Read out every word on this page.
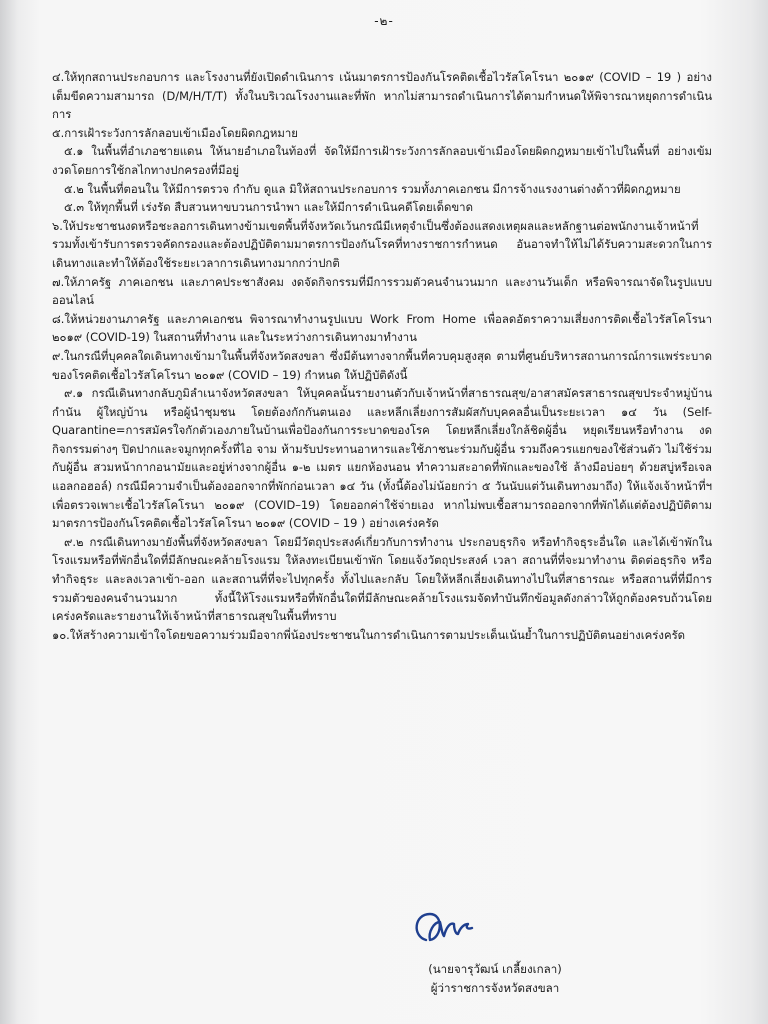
-๒-

๔.ให้ทุกสถานประกอบการ และโรงงานที่ยังเปิดดำเนินการ เน้นมาตรการป้องกันโรคติดเชื้อไวรัสโคโรนา ๒๐๑๙ (COVID – 19 ) อย่างเต็มขีดความสามารถ (D/M/H/T/T) ทั้งในบริเวณโรงงานและที่พัก หากไม่สามารถดำเนินการได้ตามกำหนดให้พิจารณาหยุดการดำเนินการ

๕.การเฝ้าระวังการลักลอบเข้าเมืองโดยผิดกฎหมาย

๕.๑ ในพื้นที่อำเภอชายแดน ให้นายอำเภอในท้องที่ จัดให้มีการเฝ้าระวังการลักลอบเข้าเมืองโดยผิดกฎหมายเข้าไปในพื้นที่ อย่างเข้มงวดโดยการใช้กลไกทางปกครองที่มีอยู่

๕.๒ ในพื้นที่ตอนใน ให้มีการตรวจ กำกับ ดูแล มิให้สถานประกอบการ รวมทั้งภาคเอกชน มีการจ้างแรงงานต่างด้าวที่ผิดกฎหมาย

๕.๓ ให้ทุกพื้นที่ เร่งรัด สืบสวนหาขบวนการนำพา และให้มีการดำเนินคดีโดยเด็ดขาด

๖.ให้ประชาชนงดหรือชะลอการเดินทางข้ามเขตพื้นที่จังหวัดเว้นกรณีมีเหตุจำเป็นซึ่งต้องแสดงเหตุผลและหลักฐานต่อพนักงานเจ้าหน้าที่ รวมทั้งเข้ารับการตรวจคัดกรองและต้องปฏิบัติตามมาตรการป้องกันโรคที่ทางราชการกำหนด อันอาจทำให้ไม่ได้รับความสะดวกในการเดินทางและทำให้ต้องใช้ระยะเวลาการเดินทางมากกว่าปกติ

๗.ให้ภาครัฐ ภาคเอกชน และภาคประชาสังคม งดจัดกิจกรรมที่มีการรวมตัวคนจำนวนมาก และงานวันเด็ก หรือพิจารณาจัดในรูปแบบออนไลน์

๘.ให้หน่วยงานภาครัฐ และภาคเอกชน พิจารณาทำงานรูปแบบ Work From Home เพื่อลดอัตราความเสี่ยงการติดเชื้อไวรัสโคโรนา ๒๐๑๙ (COVID-19) ในสถานที่ทำงาน และในระหว่างการเดินทางมาทำงาน

๙.ในกรณีที่บุคคลใดเดินทางเข้ามาในพื้นที่จังหวัดสงขลา ซึ่งมีต้นทางจากพื้นที่ควบคุมสูงสุด ตามที่ศูนย์บริหารสถานการณ์การแพร่ระบาดของโรคติดเชื้อไวรัสโคโรนา ๒๐๑๙ (COVID – 19) กำหนด ให้ปฏิบัติดังนี้

๙.๑ กรณีเดินทางกลับภูมิลำเนาจังหวัดสงขลา ให้บุคคลนั้นรายงานตัวกับเจ้าหน้าที่สาธารณสุข/อาสาสมัครสาธารณสุขประจำหมู่บ้าน กำนัน ผู้ใหญ่บ้าน หรือผู้นำชุมชน โดยต้องกักกันตนเอง และหลีกเลี่ยงการสัมผัสกับบุคคลอื่นเป็นระยะเวลา ๑๔ วัน (Self-Quarantine=การสมัครใจกักตัวเองภายในบ้านเพื่อป้องกันการระบาดของโรค โดยหลีกเลี่ยงใกล้ชิดผู้อื่น หยุดเรียนหรือทำงาน งดกิจกรรมต่างๆ ปิดปากและจมูกทุกครั้งที่ไอ จาม ห้ามรับประทานอาหารและใช้ภาชนะร่วมกับผู้อื่น รวมถึงควรแยกของใช้ส่วนตัว ไม่ใช้ร่วมกับผู้อื่น สวมหน้ากากอนามัยและอยู่ห่างจากผู้อื่น ๑-๒ เมตร แยกห้องนอน ทำความสะอาดที่พักและของใช้ ล้างมือบ่อยๆ ด้วยสบู่หรือเจลแอลกอฮอล์) กรณีมีความจำเป็นต้องออกจากที่พักก่อนเวลา ๑๔ วัน (ทั้งนี้ต้องไม่น้อยกว่า ๕ วันนับแต่วันเดินทางมาถึง) ให้แจ้งเจ้าหน้าที่ฯ เพื่อตรวจเพาะเชื้อไวรัสโคโรนา ๒๐๑๙ (COVID–19) โดยออกค่าใช้จ่ายเอง หากไม่พบเชื้อสามารถออกจากที่พักได้แต่ต้องปฏิบัติตามมาตรการป้องกันโรคติดเชื้อไวรัสโคโรนา ๒๐๑๙ (COVID – 19 ) อย่างเคร่งครัด

๙.๒ กรณีเดินทางมายังพื้นที่จังหวัดสงขลา โดยมีวัตถุประสงค์เกี่ยวกับการทำงาน ประกอบธุรกิจ หรือทำกิจธุระอื่นใด และได้เข้าพักในโรงแรมหรือที่พักอื่นใดที่มีลักษณะคล้ายโรงแรม ให้ลงทะเบียนเข้าพัก โดยแจ้งวัตถุประสงค์ เวลา สถานที่ที่จะมาทำงาน ติดต่อธุรกิจ หรือทำกิจธุระ และลงเวลาเข้า-ออก และสถานที่ที่จะไปทุกครั้ง ทั้งไปและกลับ โดยให้หลีกเลี่ยงเดินทางไปในที่สาธารณะ หรือสถานที่ที่มีการรวมตัวของคนจำนวนมาก ทั้งนี้ให้โรงแรมหรือที่พักอื่นใดที่มีลักษณะคล้ายโรงแรมจัดทำบันทึกข้อมูลดังกล่าวให้ถูกต้องครบถ้วนโดยเคร่งครัดและรายงานให้เจ้าหน้าที่สาธารณสุขในพื้นที่ทราบ

๑๐.ให้สร้างความเข้าใจโดยขอความร่วมมือจากพี่น้องประชาชนในการดำเนินการตามประเด็นเน้นย้ำในการปฏิบัติตนอย่างเคร่งครัด

(นายจารุวัฒน์ เกลี้ยงเกลา)
ผู้ว่าราชการจังหวัดสงขลา
